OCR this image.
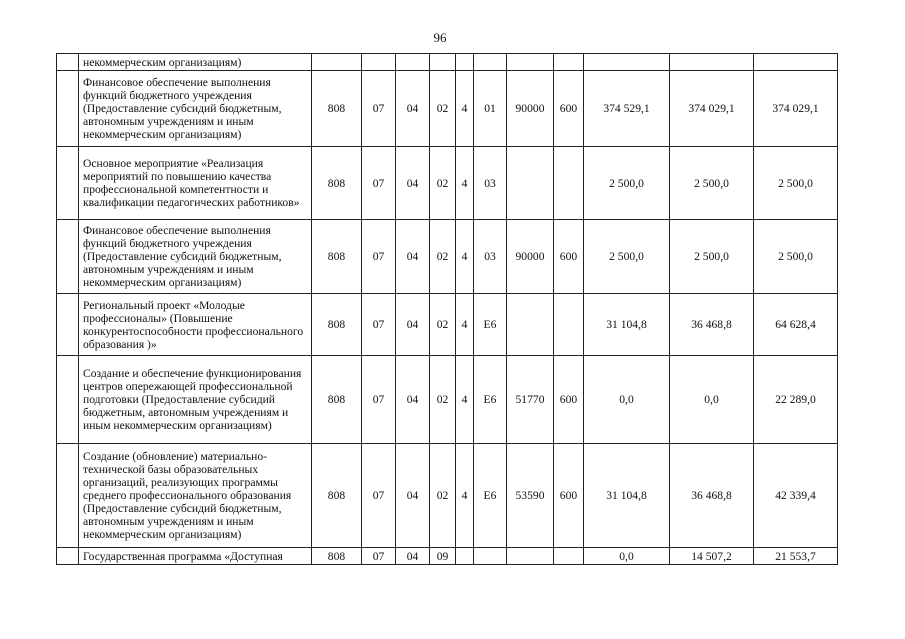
96
	некоммерческим организациям)											
	Финансовое обеспечение выполнения функций бюджетного учреждения (Предоставление субсидий бюджетным, автономным учреждениям и иным некоммерческим организациям)	808	07	04	02	4	01	90000	600	374 529,1	374 029,1	374 029,1
	Основное мероприятие «Реализация мероприятий по повышению качества профессиональной компетентности и квалификации педагогических работников»	808	07	04	02	4	03			2 500,0	2 500,0	2 500,0
	Финансовое обеспечение выполнения функций бюджетного учреждения (Предоставление субсидий бюджетным, автономным учреждениям и иным некоммерческим организациям)	808	07	04	02	4	03	90000	600	2 500,0	2 500,0	2 500,0
	Региональный проект «Молодые профессионалы» (Повышение конкурентоспособности профессионального образования )»	808	07	04	02	4	E6			31 104,8	36 468,8	64 628,4
	Создание и обеспечение функционирования центров опережающей профессиональной подготовки (Предоставление субсидий бюджетным, автономным учреждениям и иным некоммерческим организациям)	808	07	04	02	4	E6	51770	600	0,0	0,0	22 289,0
	Создание (обновление) материально-технической базы образовательных организаций, реализующих программы среднего профессионального образования (Предоставление субсидий бюджетным, автономным учреждениям и иным некоммерческим организациям)	808	07	04	02	4	E6	53590	600	31 104,8	36 468,8	42 339,4
	Государственная программа «Доступная	808	07	04	09					0,0	14 507,2	21 553,7
